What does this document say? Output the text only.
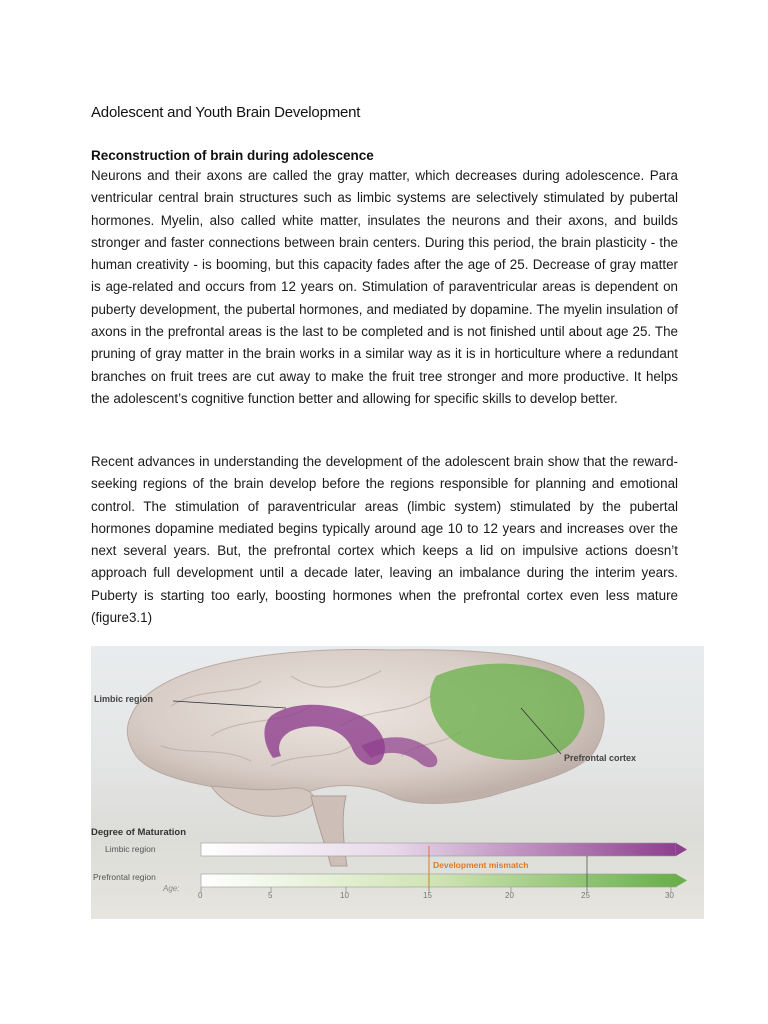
Adolescent and Youth Brain Development
Reconstruction of brain during adolescence
Neurons and their axons are called the gray matter, which decreases during adolescence. Para ventricular central brain structures such as limbic systems are selectively stimulated by pubertal hormones. Myelin, also called white matter, insulates the neurons and their axons, and builds stronger and faster connections between brain centers. During this period, the brain plasticity - the human creativity - is booming, but this capacity fades after the age of 25. Decrease of gray matter is age-related and occurs from 12 years on. Stimulation of paraventricular areas is dependent on puberty development, the pubertal hormones, and mediated by dopamine. The myelin insulation of axons in the prefrontal areas is the last to be completed and is not finished until about age 25. The pruning of gray matter in the brain works in a similar way as it is in horticulture where a redundant branches on fruit trees are cut away to make the fruit tree stronger and more productive. It helps the adolescent’s cognitive function better and allowing for specific skills to develop better.
Recent advances in understanding the development of the adolescent brain show that the reward-seeking regions of the brain develop before the regions responsible for planning and emotional control. The stimulation of paraventricular areas (limbic system) stimulated by the pubertal hormones dopamine mediated begins typically around age 10 to 12 years and increases over the next several years. But, the prefrontal cortex which keeps a lid on impulsive actions doesn’t approach full development until a decade later, leaving an imbalance during the interim years. Puberty is starting too early, boosting hormones when the prefrontal cortex even less mature (figure3.1)
Limbic region
Prefrontal cortex
Degree of Maturation
Limbic region
Prefrontal region
Age:
Development mismatch
0	5	10	15	20	25	30
